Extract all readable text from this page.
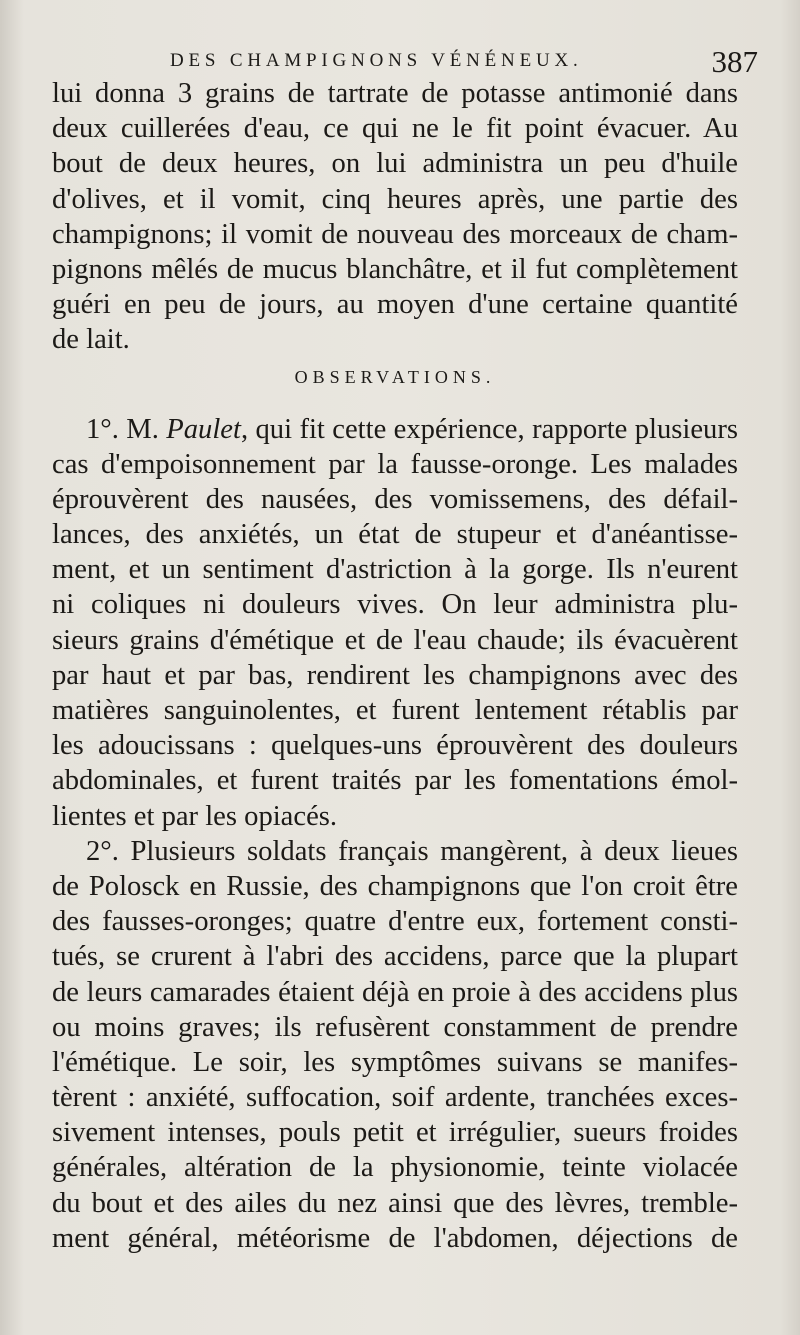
DES CHAMPIGNONS VÉNÉNEUX.	387
lui donna 3 grains de tartrate de potasse antimonié dans
deux cuillerées d'eau, ce qui ne le fit point évacuer. Au
bout de deux heures, on lui administra un peu d'huile
d'olives, et il vomit, cinq heures après, une partie des
champignons; il vomit de nouveau des morceaux de cham-
pignons mêlés de mucus blanchâtre, et il fut complètement
guéri en peu de jours, au moyen d'une certaine quantité
de lait.
OBSERVATIONS.
1°. M. Paulet, qui fit cette expérience, rapporte plusieurs
cas d'empoisonnement par la fausse-oronge. Les malades
éprouvèrent des nausées, des vomissemens, des défail-
lances, des anxiétés, un état de stupeur et d'anéantisse-
ment, et un sentiment d'astriction à la gorge. Ils n'eurent
ni coliques ni douleurs vives. On leur administra plu-
sieurs grains d'émétique et de l'eau chaude; ils évacuèrent
par haut et par bas, rendirent les champignons avec des
matières sanguinolentes, et furent lentement rétablis par
les adoucissans : quelques-uns éprouvèrent des douleurs
abdominales, et furent traités par les fomentations émol-
lientes et par les opiacés.
2°. Plusieurs soldats français mangèrent, à deux lieues
de Polosck en Russie, des champignons que l'on croit être
des fausses-oronges; quatre d'entre eux, fortement consti-
tués, se crurent à l'abri des accidens, parce que la plupart
de leurs camarades étaient déjà en proie à des accidens plus
ou moins graves; ils refusèrent constamment de prendre
l'émétique. Le soir, les symptômes suivans se manifes-
tèrent : anxiété, suffocation, soif ardente, tranchées exces-
sivement intenses, pouls petit et irrégulier, sueurs froides
générales, altération de la physionomie, teinte violacée
du bout et des ailes du nez ainsi que des lèvres, tremble-
ment général, météorisme de l'abdomen, déjections de
